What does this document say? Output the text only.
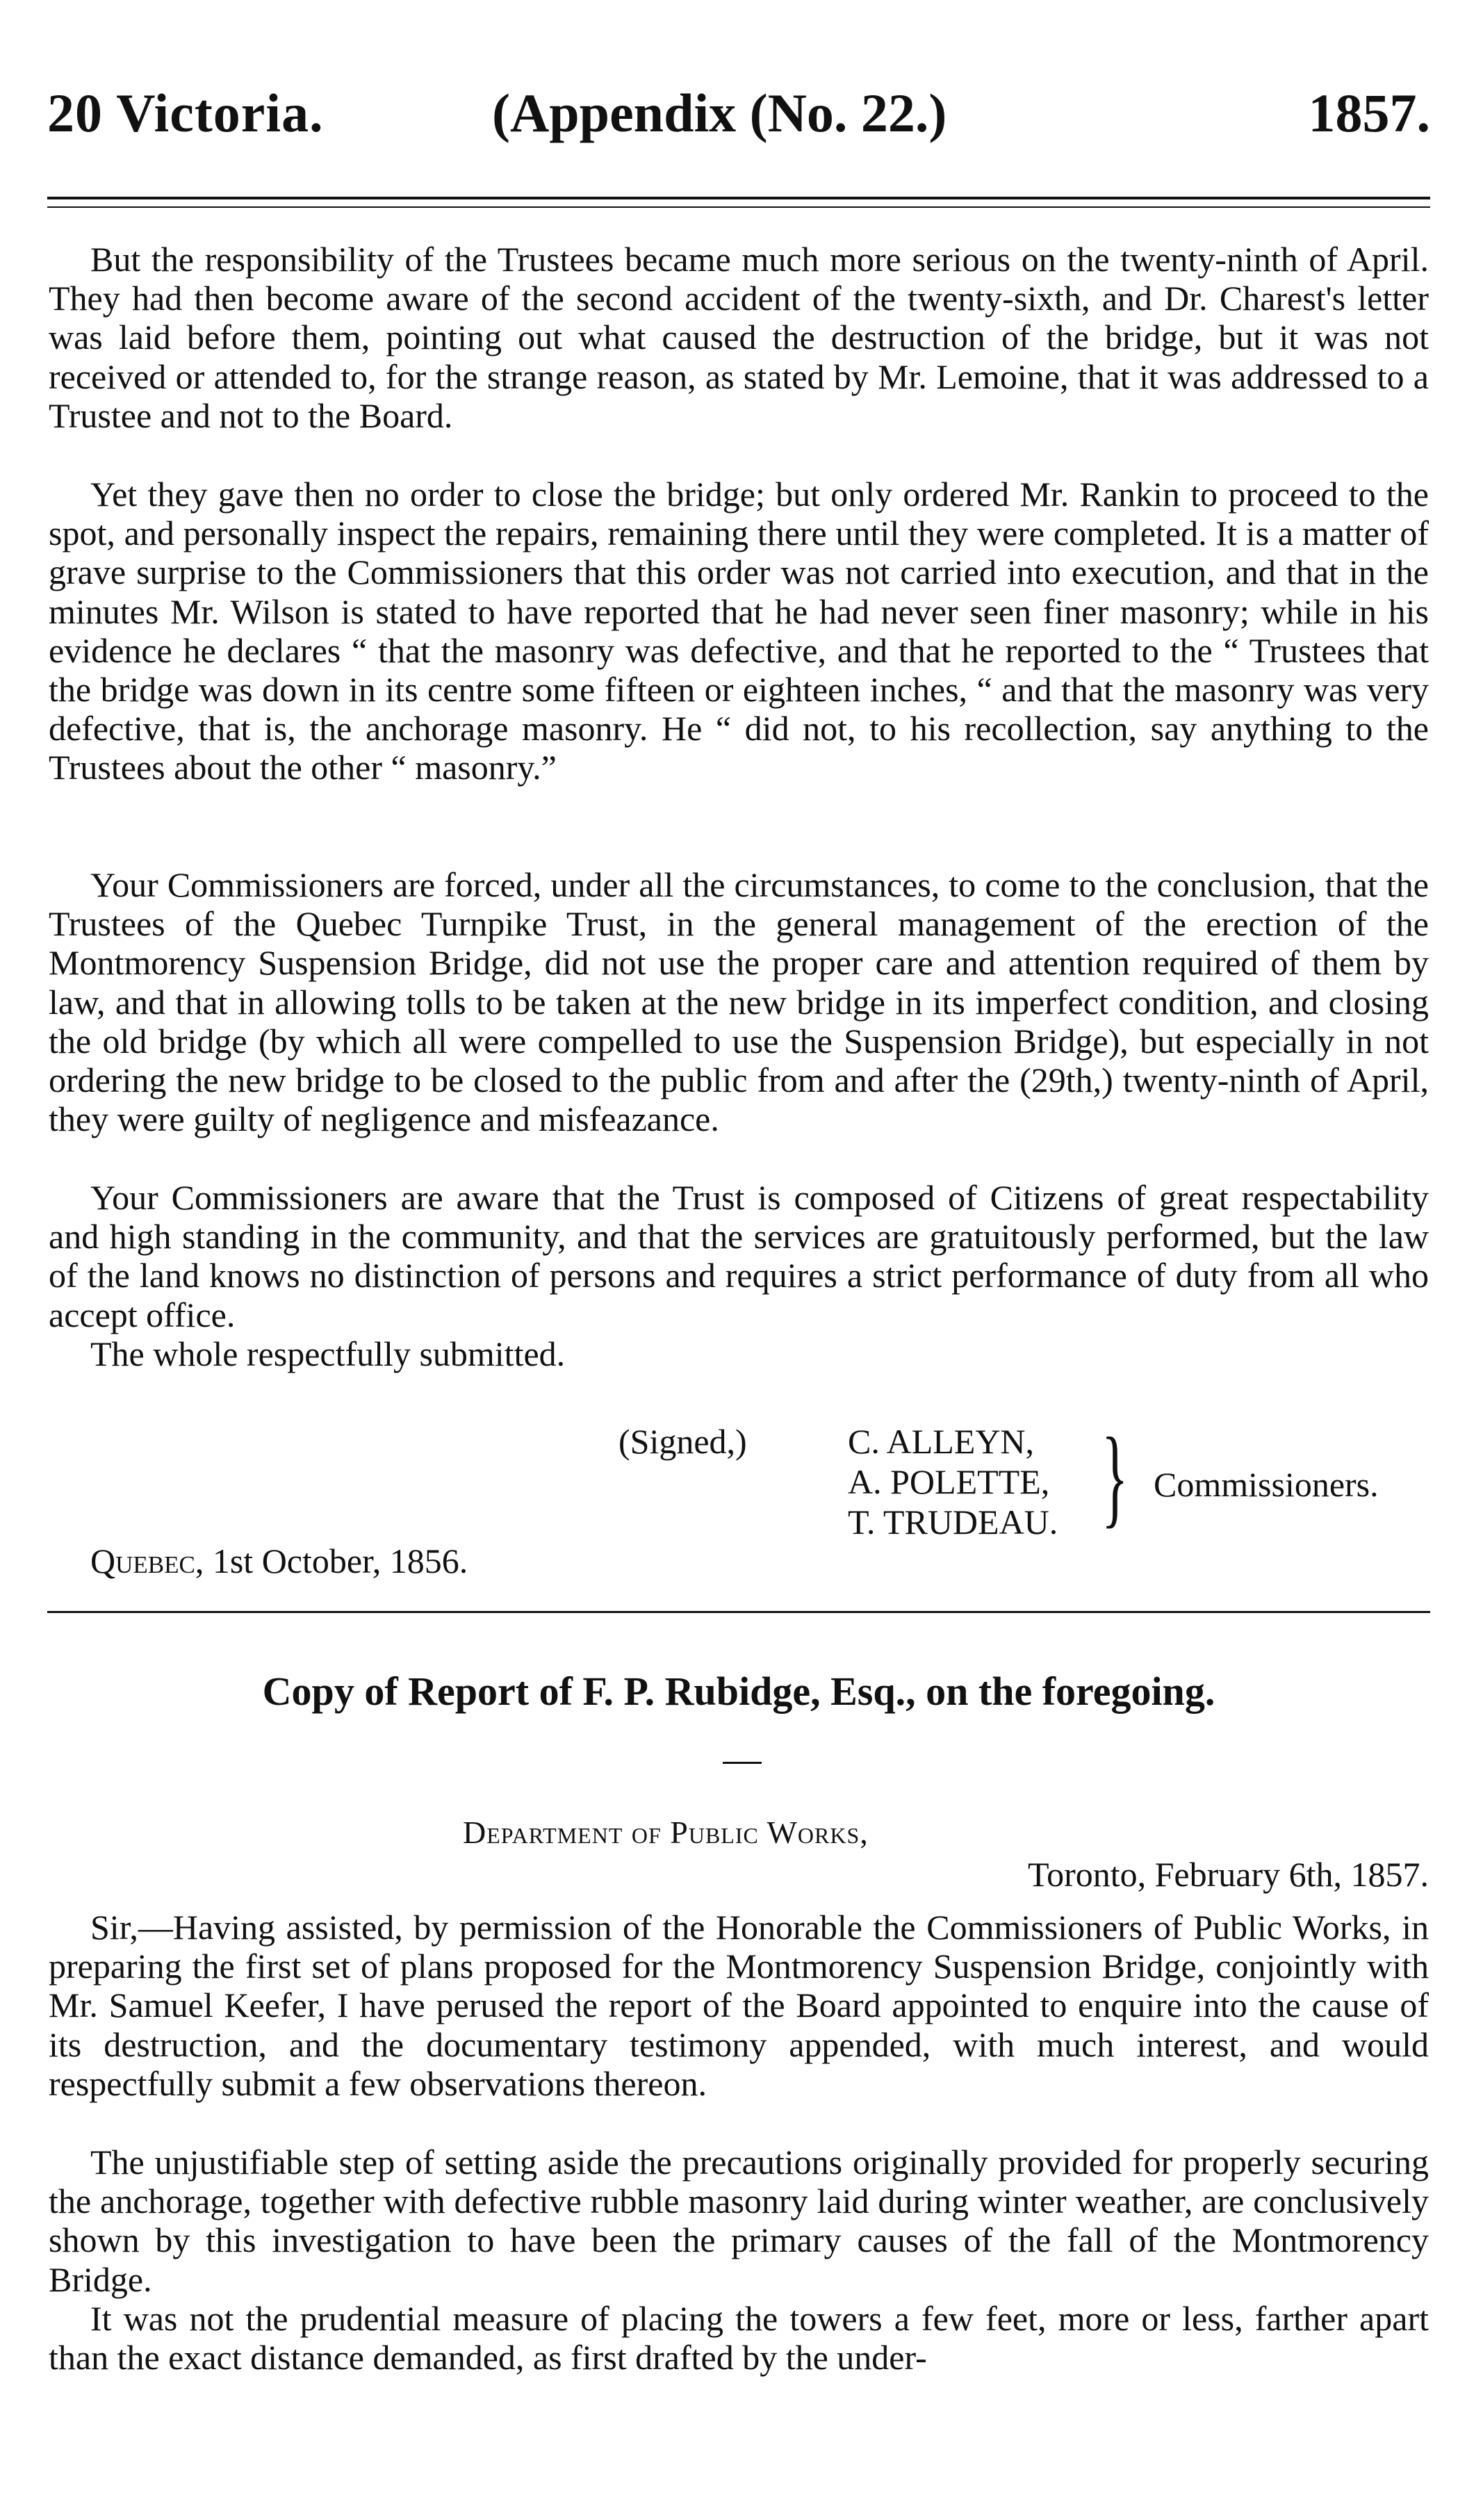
20 Victoria.	(Appendix (No. 22.)	1857.

But the responsibility of the Trustees became much more serious on the twenty-ninth of April. They had then become aware of the second accident of the twenty-sixth, and Dr. Charest's letter was laid before them, pointing out what caused the destruction of the bridge, but it was not received or attended to, for the strange reason, as stated by Mr. Lemoine, that it was addressed to a Trustee and not to the Board.

Yet they gave then no order to close the bridge; but only ordered Mr. Rankin to proceed to the spot, and personally inspect the repairs, remaining there until they were completed. It is a matter of grave surprise to the Commissioners that this order was not carried into execution, and that in the minutes Mr. Wilson is stated to have reported that he had never seen finer masonry; while in his evidence he declares “ that the masonry was defective, and that he reported to the “ Trustees that the bridge was down in its centre some fifteen or eighteen inches, “ and that the masonry was very defective, that is, the anchorage masonry. He “ did not, to his recollection, say anything to the Trustees about the other “ masonry.”

Your Commissioners are forced, under all the circumstances, to come to the conclusion, that the Trustees of the Quebec Turnpike Trust, in the general management of the erection of the Montmorency Suspension Bridge, did not use the proper care and attention required of them by law, and that in allowing tolls to be taken at the new bridge in its imperfect condition, and closing the old bridge (by which all were compelled to use the Suspension Bridge), but especially in not ordering the new bridge to be closed to the public from and after the (29th,) twenty-ninth of April, they were guilty of negligence and misfeazance.

Your Commissioners are aware that the Trust is composed of Citizens of great respectability and high standing in the community, and that the services are gratuitously performed, but the law of the land knows no distinction of persons and requires a strict performance of duty from all who accept office.

The whole respectfully submitted.

(Signed,)	C. ALLEYN,
A. POLETTE,
T. TRUDEAU. } Commissioners.
Quebec, 1st October, 1856.
Copy of Report of F. P. Rubidge, Esq., on the foregoing.
Department of Public Works,
Toronto, February 6th, 1857.

Sir,—Having assisted, by permission of the Honorable the Commissioners of Public Works, in preparing the first set of plans proposed for the Montmorency Suspension Bridge, conjointly with Mr. Samuel Keefer, I have perused the report of the Board appointed to enquire into the cause of its destruction, and the documentary testimony appended, with much interest, and would respectfully submit a few observations thereon.

The unjustifiable step of setting aside the precautions originally provided for properly securing the anchorage, together with defective rubble masonry laid during winter weather, are conclusively shown by this investigation to have been the primary causes of the fall of the Montmorency Bridge.

It was not the prudential measure of placing the towers a few feet, more or less, farther apart than the exact distance demanded, as first drafted by the under-
